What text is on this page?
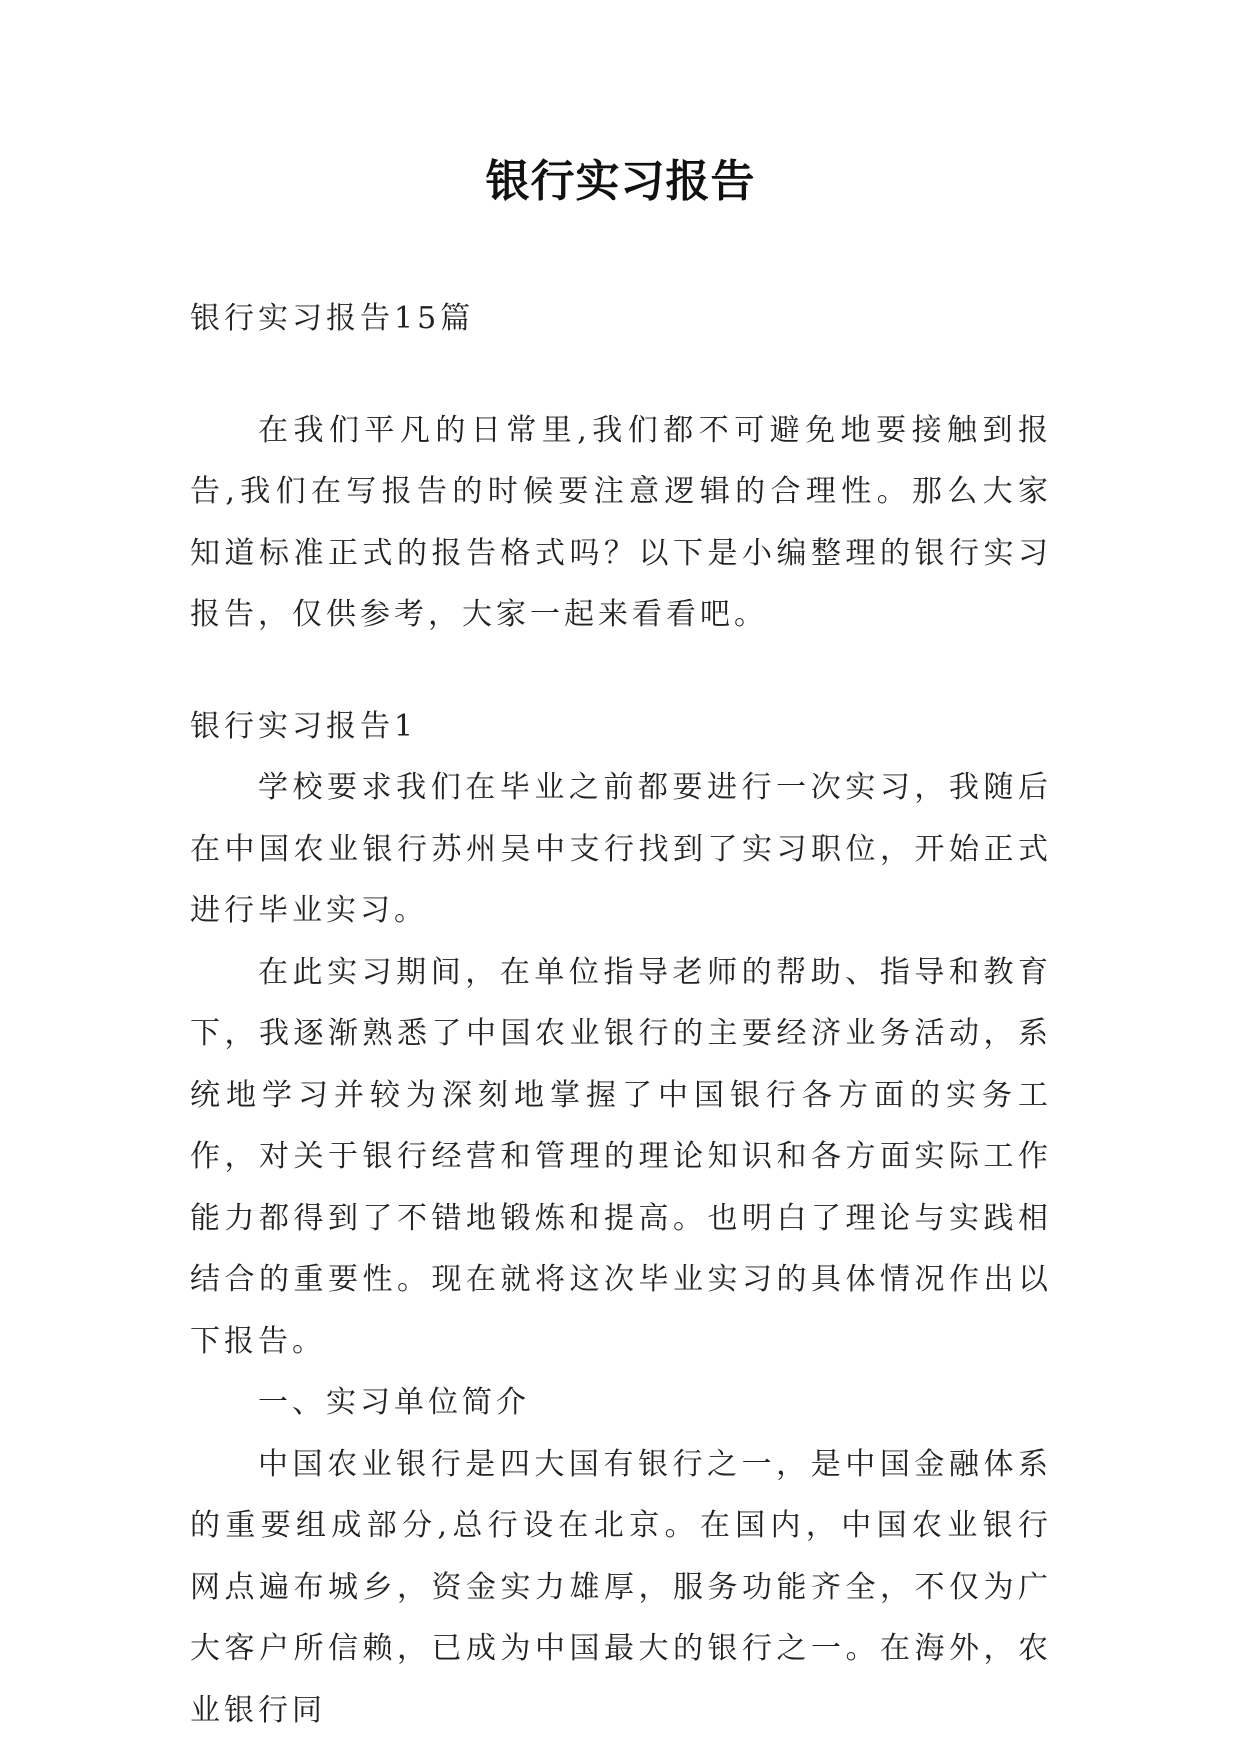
银行实习报告

银行实习报告15篇

在我们平凡的日常里,我们都不可避免地要接触到报告,我们在写报告的时候要注意逻辑的合理性。那么大家知道标准正式的报告格式吗？以下是小编整理的银行实习报告，仅供参考，大家一起来看看吧。

银行实习报告1

学校要求我们在毕业之前都要进行一次实习，我随后在中国农业银行苏州吴中支行找到了实习职位，开始正式进行毕业实习。

在此实习期间，在单位指导老师的帮助、指导和教育下，我逐渐熟悉了中国农业银行的主要经济业务活动，系统地学习并较为深刻地掌握了中国银行各方面的实务工作，对关于银行经营和管理的理论知识和各方面实际工作能力都得到了不错地锻炼和提高。也明白了理论与实践相结合的重要性。现在就将这次毕业实习的具体情况作出以下报告。

一、实习单位简介

中国农业银行是四大国有银行之一，是中国金融体系的重要组成部分,总行设在北京。在国内，中国农业银行网点遍布城乡，资金实力雄厚，服务功能齐全，不仅为广大客户所信赖，已成为中国最大的银行之一。在海外，农业银行同
